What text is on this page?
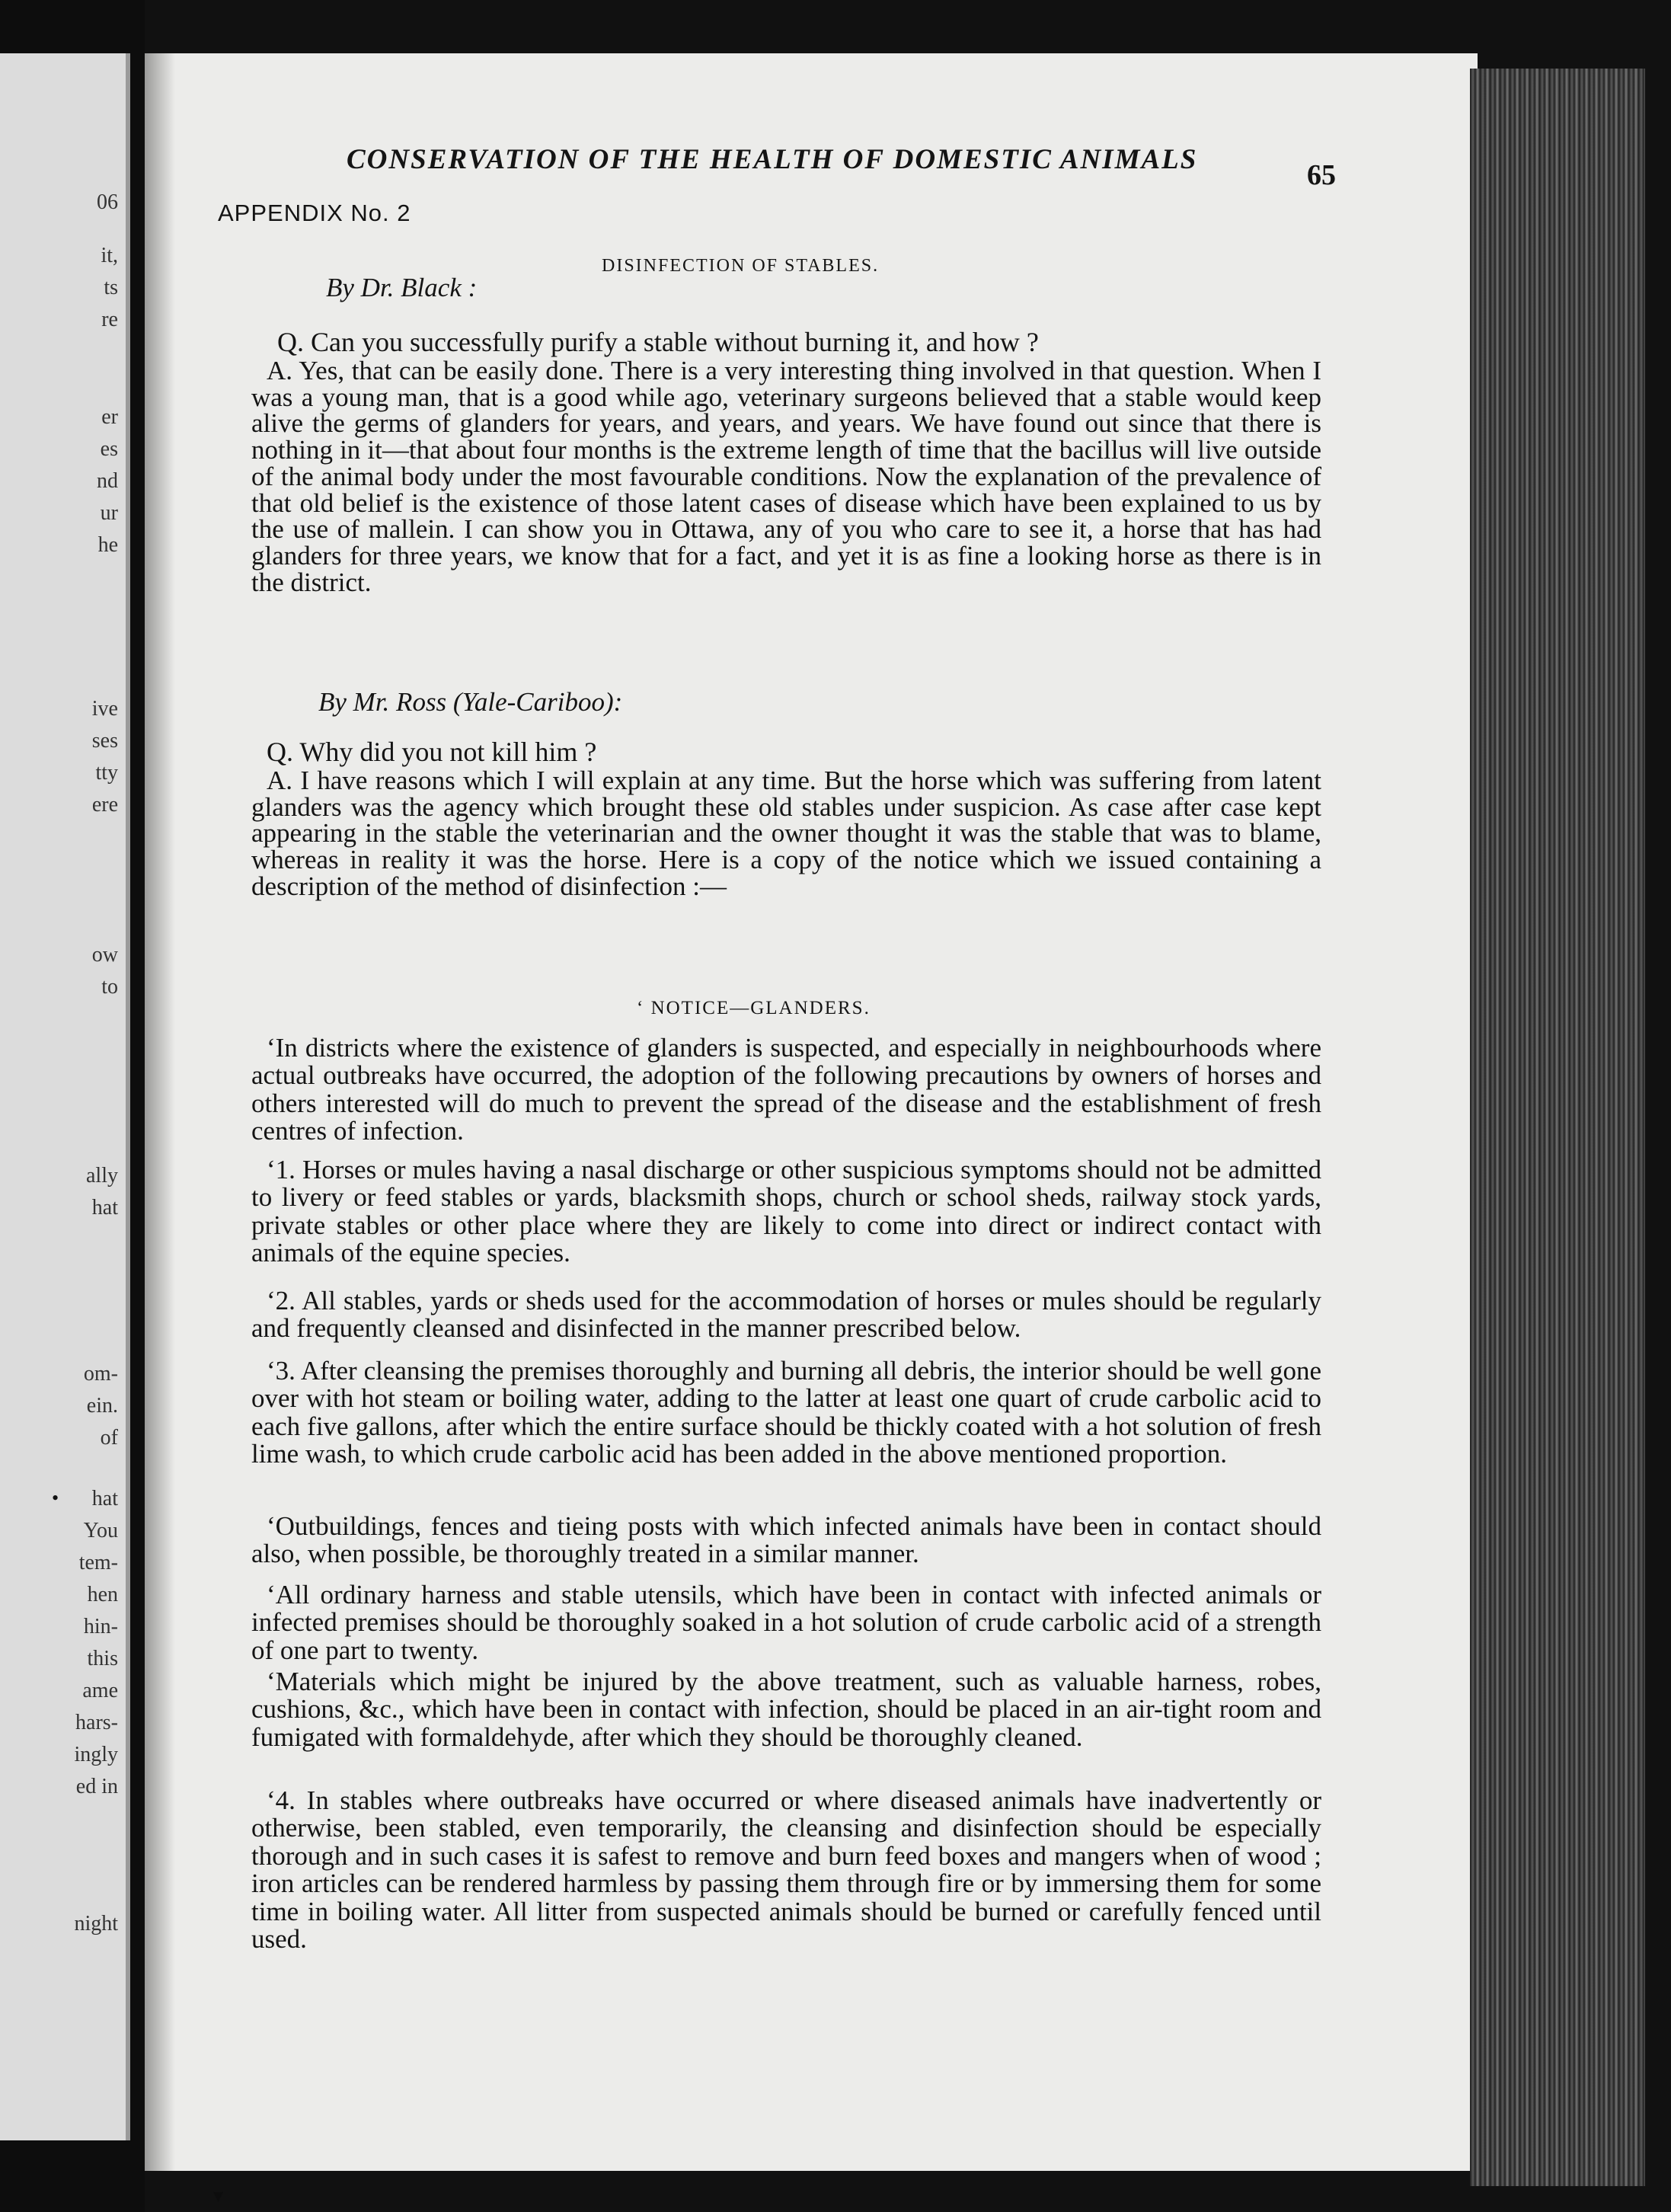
06
it,
ts
re
er
es
nd
ur
he
ive
ses
tty
ere
ow
to
ally
hat
om-
ein.
of
hat
You
tem-
hen
hin-
this
ame
hars-
ingly
ed in
night
CONSERVATION OF THE HEALTH OF DOMESTIC ANIMALS	65
APPENDIX No. 2
DISINFECTION OF STABLES.
By Dr. Black :
Q. Can you successfully purify a stable without burning it, and how ?
A. Yes, that can be easily done. There is a very interesting thing involved in that question. When I was a young man, that is a good while ago, veterinary surgeons believed that a stable would keep alive the germs of glanders for years, and years, and years. We have found out since that there is nothing in it—that about four months is the extreme length of time that the bacillus will live outside of the animal body under the most favourable conditions. Now the explanation of the prevalence of that old belief is the existence of those latent cases of disease which have been explained to us by the use of mallein. I can show you in Ottawa, any of you who care to see it, a horse that has had glanders for three years, we know that for a fact, and yet it is as fine a looking horse as there is in the district.
By Mr. Ross (Yale-Cariboo):
Q. Why did you not kill him ?
A. I have reasons which I will explain at any time. But the horse which was suffering from latent glanders was the agency which brought these old stables under suspicion. As case after case kept appearing in the stable the veterinarian and the owner thought it was the stable that was to blame, whereas in reality it was the horse. Here is a copy of the notice which we issued containing a description of the method of disinfection :—
‘ NOTICE—GLANDERS.
‘In districts where the existence of glanders is suspected, and especially in neighbourhoods where actual outbreaks have occurred, the adoption of the following precautions by owners of horses and others interested will do much to prevent the spread of the disease and the establishment of fresh centres of infection.
‘1. Horses or mules having a nasal discharge or other suspicious symptoms should not be admitted to livery or feed stables or yards, blacksmith shops, church or school sheds, railway stock yards, private stables or other place where they are likely to come into direct or indirect contact with animals of the equine species.
‘2. All stables, yards or sheds used for the accommodation of horses or mules should be regularly and frequently cleansed and disinfected in the manner prescribed below.
‘3. After cleansing the premises thoroughly and burning all debris, the interior should be well gone over with hot steam or boiling water, adding to the latter at least one quart of crude carbolic acid to each five gallons, after which the entire surface should be thickly coated with a hot solution of fresh lime wash, to which crude carbolic acid has been added in the above mentioned proportion.
‘Outbuildings, fences and tieing posts with which infected animals have been in contact should also, when possible, be thoroughly treated in a similar manner.
‘All ordinary harness and stable utensils, which have been in contact with infected animals or infected premises should be thoroughly soaked in a hot solution of crude carbolic acid of a strength of one part to twenty.
‘Materials which might be injured by the above treatment, such as valuable harness, robes, cushions, &c., which have been in contact with infection, should be placed in an air-tight room and fumigated with formaldehyde, after which they should be thoroughly cleaned.
‘4. In stables where outbreaks have occurred or where diseased animals have inadvertently or otherwise, been stabled, even temporarily, the cleansing and disinfection should be especially thorough and in such cases it is safest to remove and burn feed boxes and mangers when of wood ; iron articles can be rendered harmless by passing them through fire or by immersing them for some time in boiling water. All litter from suspected animals should be burned or carefully fenced until used.
▾
•
